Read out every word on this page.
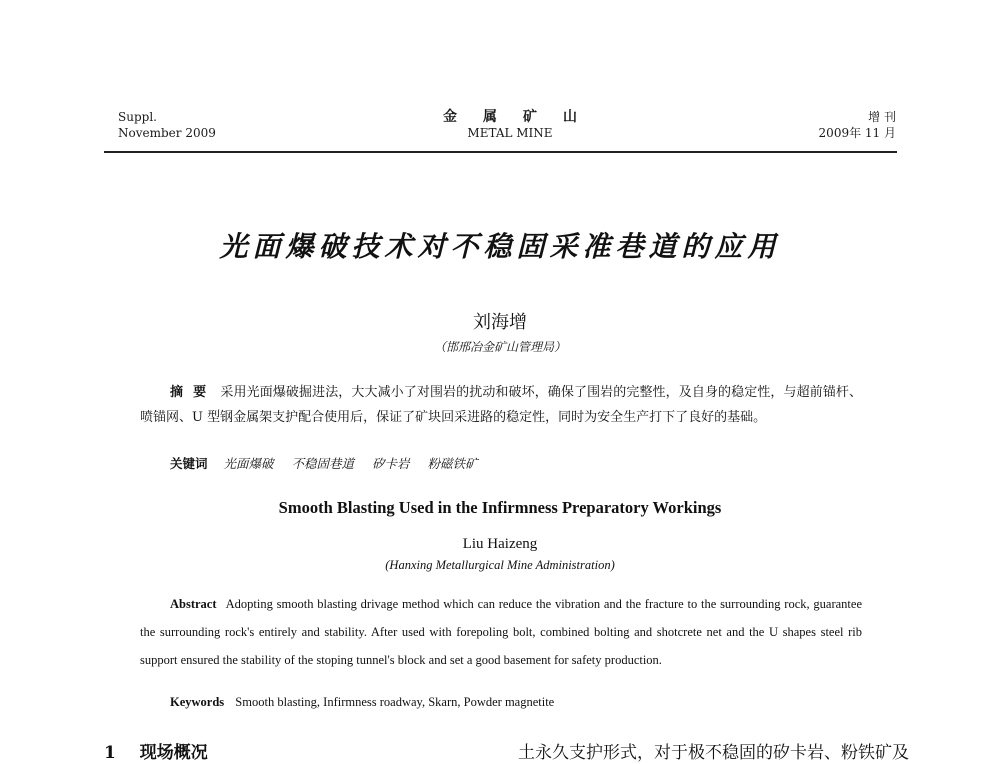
Suppl.
November 2009
金属矿山
METAL MINE
增 刊
2009年 11 月
光面爆破技术对不稳固采准巷道的应用
刘海增
（邯邢冶金矿山管理局）
摘要 采用光面爆破掘进法，大大减小了对围岩的扰动和破坏，确保了围岩的完整性，及自身的稳定性，与超前锚杆、喷锚网、U 型钢金属架支护配合使用后，保证了矿块回采进路的稳定性，同时为安全生产打下了良好的基础。
关键词 光面爆破 不稳固巷道 矽卡岩 粉磁铁矿
Smooth Blasting Used in the Infirmness Preparatory Workings
Liu Haizeng
(Hanxing Metallurgical Mine Administration)
Abstract Adopting smooth blasting drivage method which can reduce the vibration and the fracture to the surrounding rock, guarantee the surrounding rock's entirely and stability. After used with forepoling bolt, combined bolting and shotcrete net and the U shapes steel rib support ensured the stability of the stoping tunnel's block and set a good basement for safety production.
Keywords Smooth blasting, Infirmness roadway, Skarn, Powder magnetite
1 现场概况	土永久支护形式，对于极不稳固的矽卡岩、粉铁矿及
